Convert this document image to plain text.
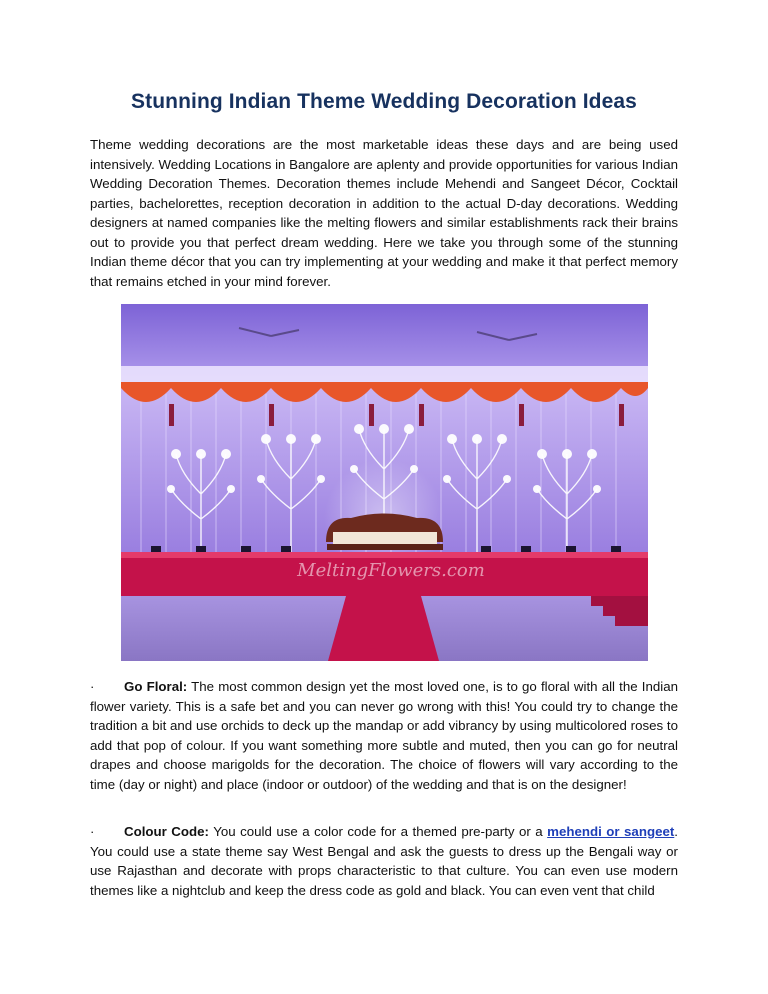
Stunning Indian Theme Wedding Decoration Ideas
Theme wedding decorations are the most marketable ideas these days and are being used intensively. Wedding Locations in Bangalore are aplenty and provide opportunities for various Indian Wedding Decoration Themes. Decoration themes include Mehendi and Sangeet Décor, Cocktail parties, bachelorettes, reception decoration in addition to the actual D-day decorations. Wedding designers at named companies like the melting flowers and similar establishments rack their brains out to provide you that perfect dream wedding. Here we take you through some of the stunning Indian theme décor that you can try implementing at your wedding and make it that perfect memory that remains etched in your mind forever.
MeltingFlowers.com
· Go Floral: The most common design yet the most loved one, is to go floral with all the Indian flower variety. This is a safe bet and you can never go wrong with this! You could try to change the tradition a bit and use orchids to deck up the mandap or add vibrancy by using multicolored roses to add that pop of colour. If you want something more subtle and muted, then you can go for neutral drapes and choose marigolds for the decoration. The choice of flowers will vary according to the time (day or night) and place (indoor or outdoor) of the wedding and that is on the designer!
· Colour Code: You could use a color code for a themed pre-party or a mehendi or sangeet. You could use a state theme say West Bengal and ask the guests to dress up the Bengali way or use Rajasthan and decorate with props characteristic to that culture. You can even use modern themes like a nightclub and keep the dress code as gold and black. You can even vent that child
